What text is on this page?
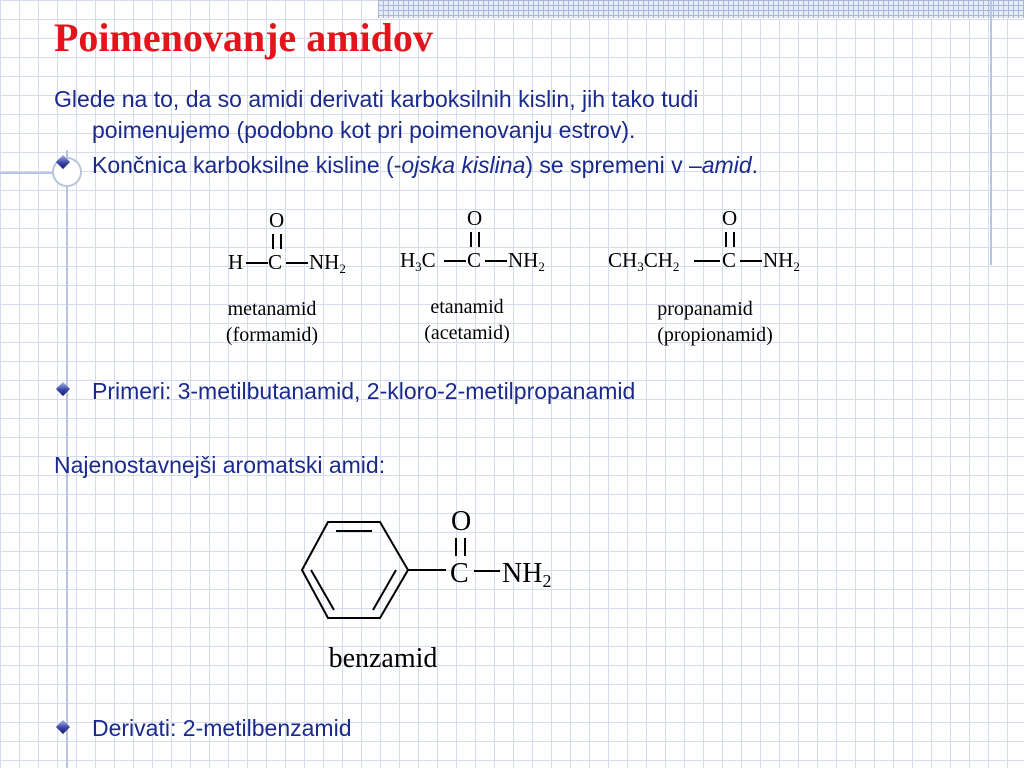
Poimenovanje amidov
Glede na to, da so amidi derivati karboksilnih kislin, jih tako tudi
poimenujemo (podobno kot pri poimenovanju estrov).
Končnica karboksilne kisline (-ojska kislina) se spremeni v –amid.
O
H C $NH_2$
metanamid
(formamid)
O
$H_3C$ C $NH_2$
etanamid
(acetamid)
O
$CH_3CH_2$ C $NH_2$
propanamid
(propionamid)
Primeri: 3-metilbutanamid, 2-kloro-2-metilpropanamid
Najenostavnejši aromatski amid:
O
C $NH_2$
benzamid
Derivati: 2-metilbenzamid
